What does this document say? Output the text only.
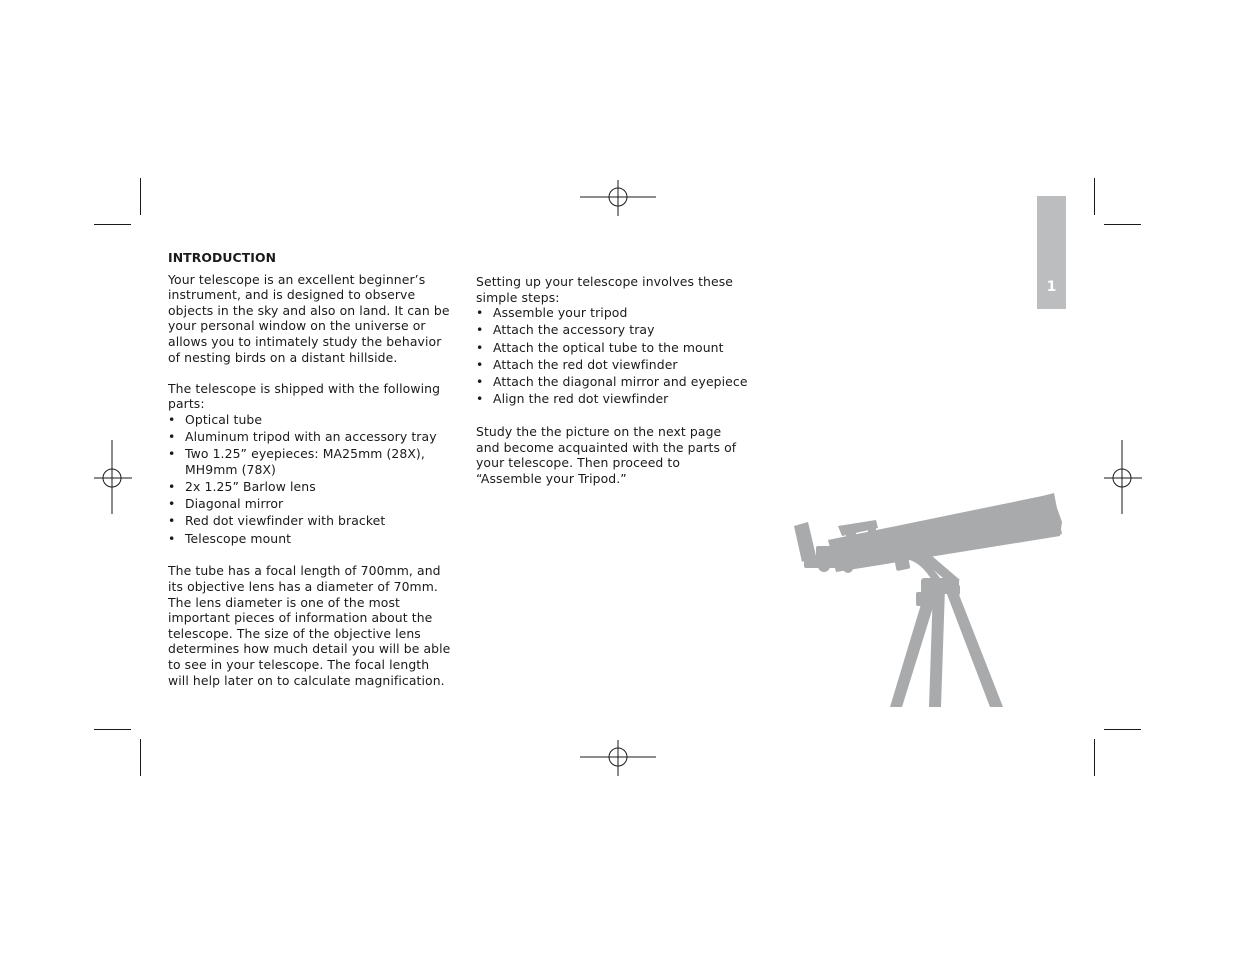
INTRODUCTION

Your telescope is an excellent beginner’s instrument, and is designed to observe objects in the sky and also on land. It can be your personal window on the universe or allows you to intimately study the behavior of nesting birds on a distant hillside.

The telescope is shipped with the following parts:

• Optical tube
• Aluminum tripod with an accessory tray
• Two 1.25” eyepieces: MA25mm (28X), MH9mm (78X)
• 2x 1.25” Barlow lens
• Diagonal mirror
• Red dot viewfinder with bracket
• Telescope mount

The tube has a focal length of 700mm, and its objective lens has a diameter of 70mm. The lens diameter is one of the most important pieces of information about the telescope. The size of the objective lens determines how much detail you will be able to see in your telescope. The focal length will help later on to calculate magnification.

Setting up your telescope involves these simple steps:

• Assemble your tripod
• Attach the accessory tray
• Attach the optical tube to the mount
• Attach the red dot viewfinder
• Attach the diagonal mirror and eyepiece
• Align the red dot viewfinder

Study the the picture on the next page and become acquainted with the parts of your telescope. Then proceed to “Assemble your Tripod.”

1
